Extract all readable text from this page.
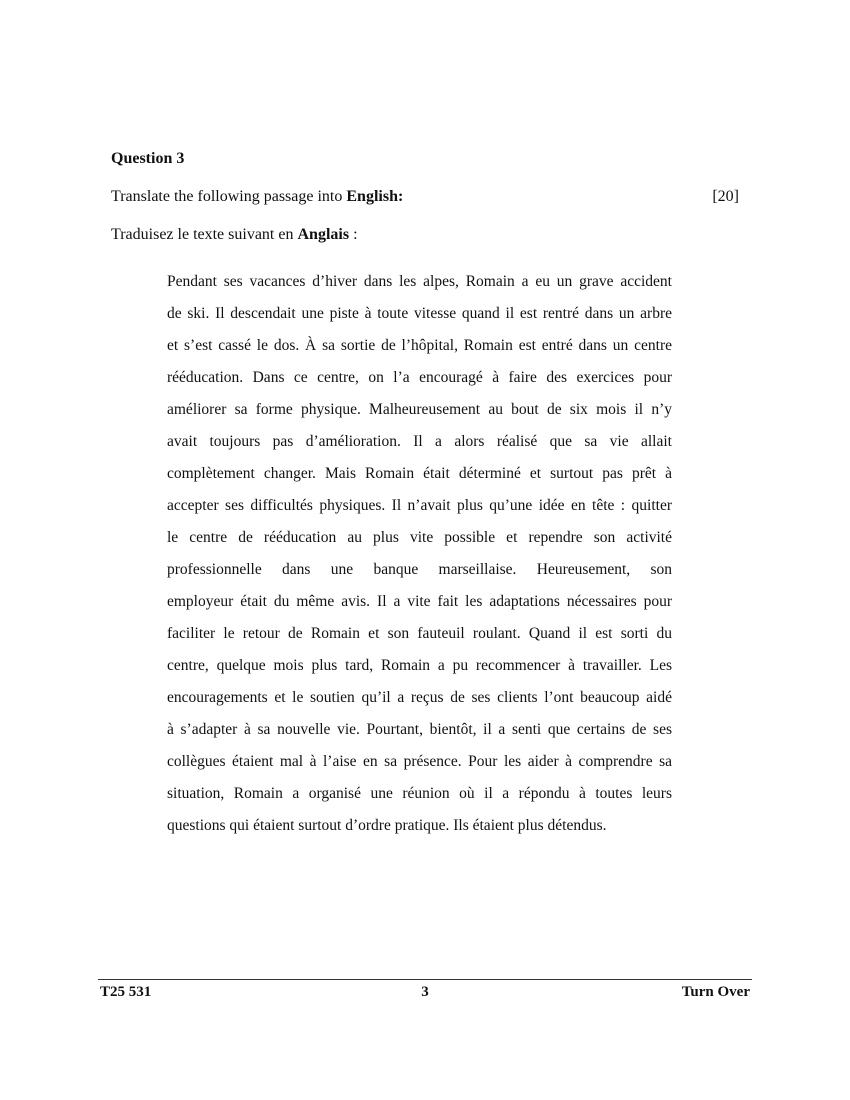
Question 3

Translate the following passage into English:	[20]

Traduisez le texte suivant en Anglais :

Pendant ses vacances d’hiver dans les alpes, Romain a eu un grave accident
de ski. Il descendait une piste à toute vitesse quand il est rentré dans un arbre
et s’est cassé le dos. À sa sortie de l’hôpital, Romain est entré dans un centre
rééducation. Dans ce centre, on l’a encouragé à faire des exercices pour
améliorer sa forme physique. Malheureusement au bout de six mois il n’y
avait toujours pas d’amélioration. Il a alors réalisé que sa vie allait
complètement changer. Mais Romain était déterminé et surtout pas prêt à
accepter ses difficultés physiques. Il n’avait plus qu’une idée en tête : quitter
le centre de rééducation au plus vite possible et rependre son activité
professionnelle dans une banque marseillaise. Heureusement, son
employeur était du même avis. Il a vite fait les adaptations nécessaires pour
faciliter le retour de Romain et son fauteuil roulant. Quand il est sorti du
centre, quelque mois plus tard, Romain a pu recommencer à travailler. Les
encouragements et le soutien qu’il a reçus de ses clients l’ont beaucoup aidé
à s’adapter à sa nouvelle vie. Pourtant, bientôt, il a senti que certains de ses
collègues étaient mal à l’aise en sa présence. Pour les aider à comprendre sa
situation, Romain a organisé une réunion où il a répondu à toutes leurs
questions qui étaient surtout d’ordre pratique. Ils étaient plus détendus.

T25 531	3	Turn Over
